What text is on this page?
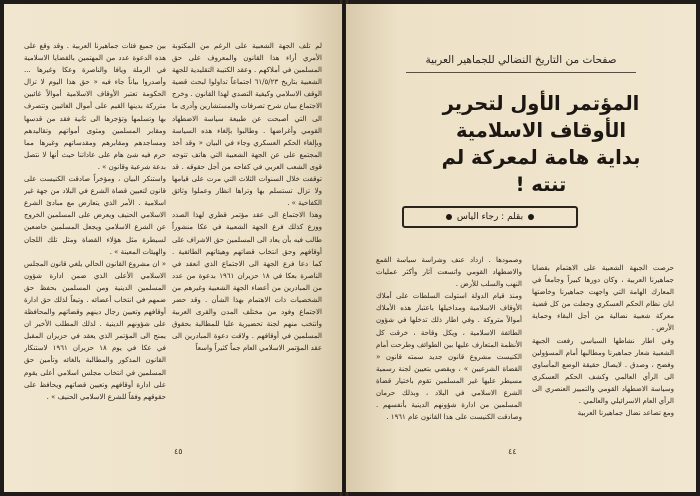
لم تلف الجهة الشعبية على الرغم من المكتوبة الأمري أراء هذا القانون والمعروف على حق المسلمين في أملاكهم . وعقد الكتيبة التقليدية للجهة الشعبية بتاريخ ٦١/٥/٢٣ اجتماعاً تداولوا لبحث قضية الوقف الاسلامي وكيفية التصدي لهذا القانون . وخرج الاجتماع ببيان شرح تصرفات والمستشارين وأدرى ما الى التي أصبحت عن طبيعة سياسة الاضطهاد القومي وأغراضها . وطالبوا بإلغاء هذه السياسة وبإلغاء الحكم العسكري وجاء في البيان « وقد أخذ المجتمع على عن الجهة الشعبية التي هاتف تتوجه قوى الشعب العربي في كفاحه من أجل حقوقه . قد توقفت خلال السنوات الثلاث التي مرت على قيامها ولا تزال تستسلم بها وتراها انظار وعملوا وثائق الكفاحية » .

وهذا الاجتماع الى عقد مؤتمر قطري لهذا الصدد ووزع كذلك فرع الجهة الشعبية في عكا منشوراً طالب فيه بأن يعاد الى المسلمين حق الاشراف على أوقافهم وحق انتخاب قضاتهم وهيئاتهم الطائفية . كما دعا فرع الجهة الى الاجتماع الذي انعقد في الناصرة بعكا في ١٨ حزيران ١٩٦١ بدعوة من عدد من المبادرين من أعضاء الجهة الشعبية وغيرهم من الشخصيات ذات الاهتمام بهذا الشأن . وقد حضر الاجتماع وفود من مختلف المدن والقرى العربية وانتخب منهم لجنة تحضيرية عليا للمطالبة بحقوق المسلمين في أوقافهم . ولاقت دعوة المبادرين الى عقد المؤتمر الاسلامي العام جماً كثيراً واسعاً

بين جميع فئات جماهيرنا العربية . وقد وقع على هذه الدعوة عدد من المهتمين بالقضايا الاسلامية في الرملة ويافا والناصرة وعكا وغيرها ... وأصدروا بياناً جاء فيه « حق هذا اليوم لا تزال الحكومة تعتبر الأوقاف الاسلامية أموالاً غائبين مترركة بدينها القيم على أموال الغائبين وتتصرف بها وتسلمها وتؤجرها الى ثانية فقد من قدسها ومقابر المسلمين ومثوى أمواتهم وتقاليدهم ومساجدهم ومقابرهم ومقدساتهم وغيرها مما حرم فيه شئ هام على عاداتنا حيث أنها لا نتصل بدعة شرعية وقانون » .

واستنكر البيان ، ومؤخراً صادقت الكنيست على قانون لتعيين قضاة الشرع في البلاد من جهة غير اسلامية . الأمر الذي يتعارض مع مبادئ الشرع الاسلامي الحنيف ويعرض على المسلمين الخروج عن الشرع الاسلامي ويجعل المسلمين خاضعين لسيطرة مثل هؤلاء القضاة ومثل تلك اللجان والهيئات المعينة » .

« ان مشروع القانون الحالي يلغي قانون المجلس الاسلامي الأعلى الذي ضمن ادارة شؤون المسلمين الدينية ومن المسلمين بحفظ حق ضمهم في انتخاب أعضائه . وتبعاً لذلك حق ادارة أوقافهم وتعيين رجال دينهم وقضاتهم والمحافظة على شؤونهم الدينية . لذلك المطلب الأخير ان يمنح الى المؤتمر الذي يعقد في حزيران المقبل في عكا في يوم ١٨ حزيران ١٩٦١ لاستنكار القانون المذكور والمطالبة بالغائه وتأمين حق المسلمين في انتخاب مجلس اسلامي أعلى يقوم على ادارة أوقافهم وتعيين قضاتهم ويحافظ على حقوقهم وفقاً للشرع الاسلامي الحنيف » .

٤٥
صفحات من التاريخ النضالي للجماهير العربية
المؤتمر الأول لتحرير الأوقاف الاسلامية بداية هامة لمعركة لم تنته !
بقلم : رجاء الياس

حرصت الجبهة الشعبية على الاهتمام بقضايا جماهيرنا العربية ، وكان دورها كبيراً وجامعاً في المعارك الهامة التي واجهت جماهيرنا وخاضتها ابان نظام الحكم العسكري وجعلت من كل قضية معركة شعبية نضالية من أجل البقاء وحماية الأرض .

وفي اطار نشاطها السياسي رفعت الجبهة الشعبية شعار جماهيرنا ومطالبها أمام المسؤولين وفضح ، وصدق . لايصال حقيقة الوضع المأساوي الى الرأي العالمي وكشف الحكم العسكري وسياسة الاضطهاد القومي والتمييز العنصري الى الرأي العام الاسرائيلي والعالمي .

ومع تصاعد نضال جماهيرنا العربية

وصمودها . ازداد عنف وشراسة سياسة القمع والاضطهاد القومي واتسعت آثار وأكثر عمليات النهب والسلب للأرض .

ومنذ قيام الدولة استولت السلطات على أملاك الأوقاف الاسلامية ومداخيلها باعتبار هذه الأملاك أموالاً متروكة . وفي اطار ذلك تدخلها في شؤون الطائفة الاسلامية ، ويكل وقاحة ، خرقت كل الأنظمة المتعارف عليها بين الطوائف وطرحت أمام الكنيست مشروع قانون جديد سمته قانون « القضاة الشرعيين » ، ويقضي بتعيين لجنة رسمية مسيطر عليها غير المسلمين تقوم باختيار قضاة الشرع الاسلامي في البلاد ، وبذلك حرمان المسلمين من ادارة شؤونهم الدينية بأنفسهم . وصادقت الكنيست على هذا القانون عام ١٩٦١ .

٤٤
